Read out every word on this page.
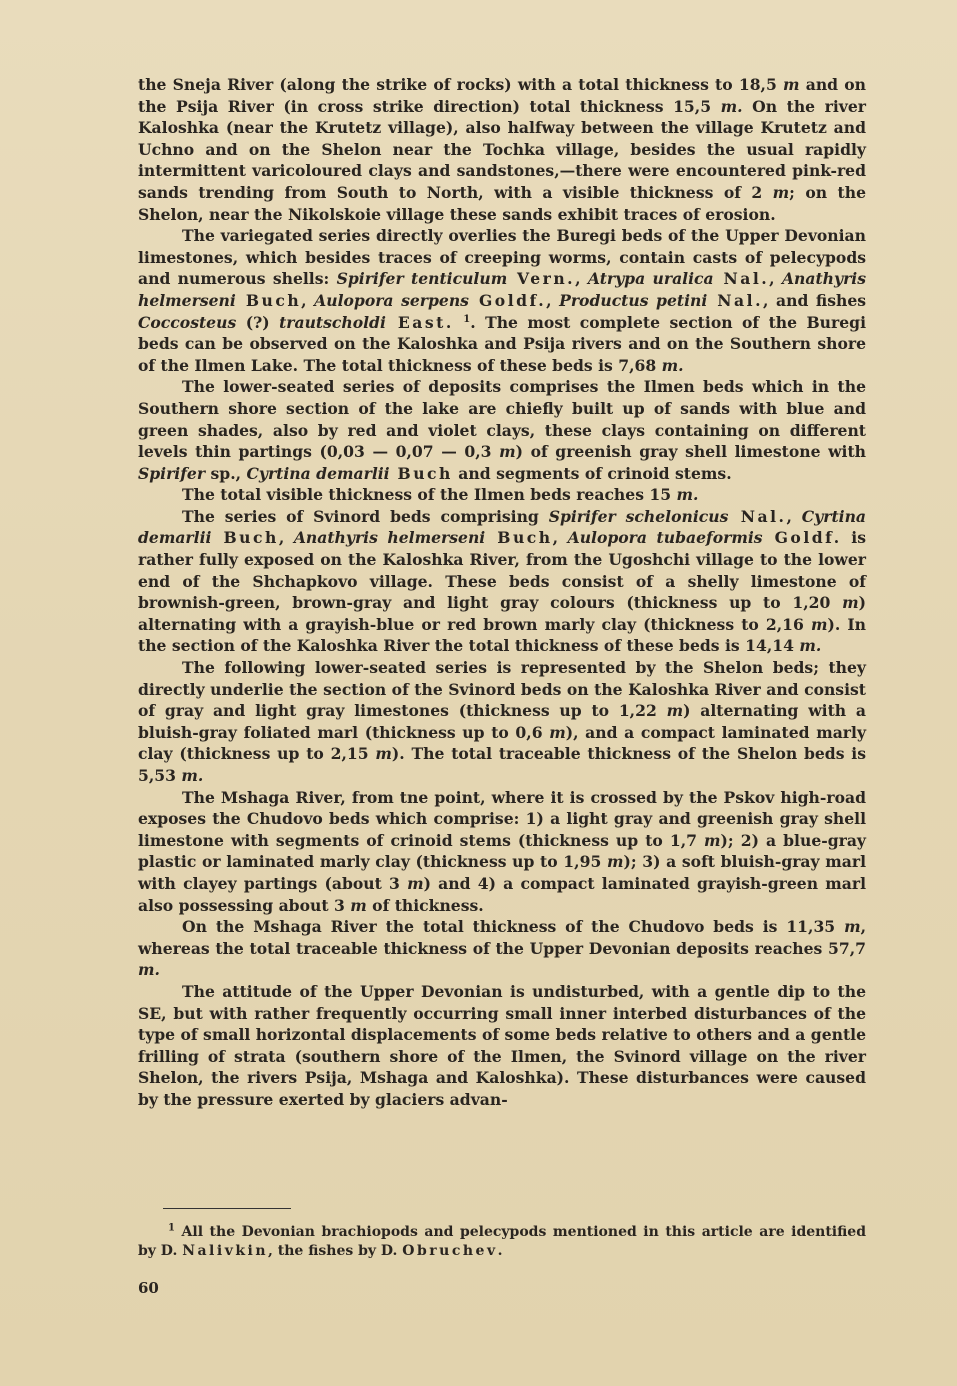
the Sneja River (along the strike of rocks) with a total thickness to 18,5 m and on the Psija River (in cross strike direction) total thickness 15,5 m. On the river Kaloshka (near the Krutetz village), also halfway between the village Krutetz and Uchno and on the Shelon near the Tochka village, besides the usual rapidly intermittent varicoloured clays and sandstones,—there were encountered pink-red sands trending from South to North, with a visible thickness of 2 m; on the Shelon, near the Nikolskoie village these sands exhibit traces of erosion.

The variegated series directly overlies the Buregi beds of the Upper Devonian limestones, which besides traces of creeping worms, contain casts of pelecypods and numerous shells: Spirifer tenticulum Vern., Atrypa uralica Nal., Anathyris helmerseni Buch, Aulopora serpens Goldf., Productus petini Nal., and fishes Coccosteus (?) trautscholdi East. $^1$. The most complete section of the Buregi beds can be observed on the Kaloshka and Psija rivers and on the Southern shore of the Ilmen Lake. The total thickness of these beds is 7,68 m.

The lower-seated series of deposits comprises the Ilmen beds which in the Southern shore section of the lake are chiefly built up of sands with blue and green shades, also by red and violet clays, these clays containing on different levels thin partings (0,03 — 0,07 — 0,3 m) of greenish gray shell limestone with Spirifer sp., Cyrtina demarlii Buch and segments of crinoid stems.

The total visible thickness of the Ilmen beds reaches 15 m.

The series of Svinord beds comprising Spirifer schelonicus Nal., Cyrtina demarlii Buch, Anathyris helmerseni Buch, Aulopora tubaeformis Goldf. is rather fully exposed on the Kaloshka River, from the Ugoshchi village to the lower end of the Shchapkovo village. These beds consist of a shelly limestone of brownish-green, brown-gray and light gray colours (thickness up to 1,20 m) alternating with a grayish-blue or red brown marly clay (thickness to 2,16 m). In the section of the Kaloshka River the total thickness of these beds is 14,14 m.

The following lower-seated series is represented by the Shelon beds; they directly underlie the section of the Svinord beds on the Kaloshka River and consist of gray and light gray limestones (thickness up to 1,22 m) alternating with a bluish-gray foliated marl (thickness up to 0,6 m), and a compact laminated marly clay (thickness up to 2,15 m). The total traceable thickness of the Shelon beds is 5,53 m.

The Mshaga River, from tne point, where it is crossed by the Pskov high-road exposes the Chudovo beds which comprise: 1) a light gray and greenish gray shell limestone with segments of crinoid stems (thickness up to 1,7 m); 2) a blue-gray plastic or laminated marly clay (thickness up to 1,95 m); 3) a soft bluish-gray marl with clayey partings (about 3 m) and 4) a compact laminated grayish-green marl also possessing about 3 m of thickness.

On the Mshaga River the total thickness of the Chudovo beds is 11,35 m, whereas the total traceable thickness of the Upper Devonian deposits reaches 57,7 m.

The attitude of the Upper Devonian is undisturbed, with a gentle dip to the SE, but with rather frequently occurring small inner interbed disturbances of the type of small horizontal displacements of some beds relative to others and a gentle frilling of strata (southern shore of the Ilmen, the Svinord village on the river Shelon, the rivers Psija, Mshaga and Kaloshka). These disturbances were caused by the pressure exerted by glaciers advan-

$^1$ All the Devonian brachiopods and pelecypods mentioned in this article are identified by D. Nalivkin, the fishes by D. Obruchev.
60
